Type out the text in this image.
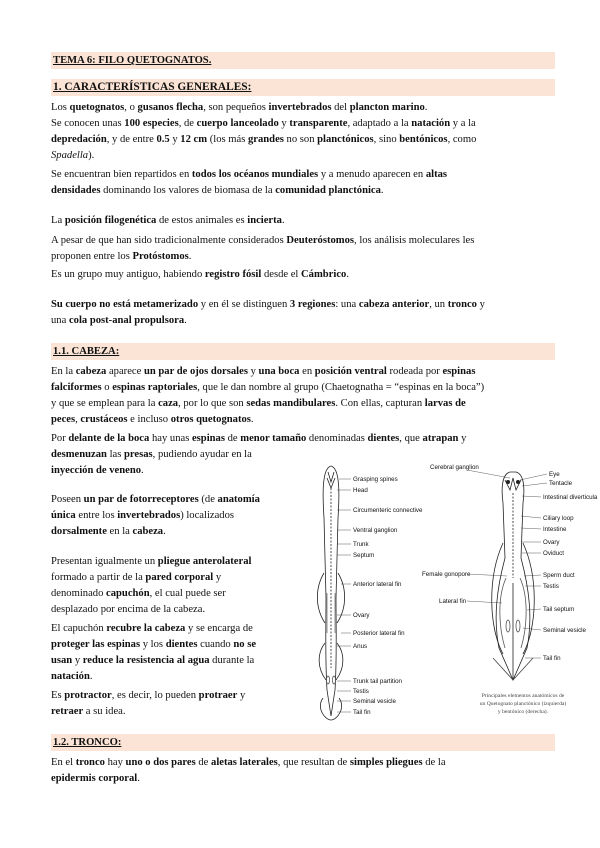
TEMA 6: FILO QUETOGNATOS.
1. CARACTERÍSTICAS GENERALES:

Los quetognatos, o gusanos flecha, son pequeños invertebrados del plancton marino.

Se conocen unas 100 especies, de cuerpo lanceolado y transparente, adaptado a la natación y a la

depredación, y de entre 0.5 y 12 cm (los más grandes no son planctónicos, sino bentónicos, como

Spadella).

Se encuentran bien repartidos en todos los océanos mundiales y a menudo aparecen en altas

densidades dominando los valores de biomasa de la comunidad planctónica.

La posición filogenética de estos animales es incierta.

A pesar de que han sido tradicionalmente considerados Deuteróstomos, los análisis moleculares les

proponen entre los Protóstomos.

Es un grupo muy antiguo, habiendo registro fósil desde el Cámbrico.

Su cuerpo no está metamerizado y en él se distinguen 3 regiones: una cabeza anterior, un tronco y

una cola post-anal propulsora.

1.1. CABEZA:

En la cabeza aparece un par de ojos dorsales y una boca en posición ventral rodeada por espinas

falciformes o espinas raptoriales, que le dan nombre al grupo (Chaetognatha = “espinas en la boca”)

y que se emplean para la caza, por lo que son sedas mandibulares. Con ellas, capturan larvas de

peces, crustáceos e incluso otros quetognatos.

Por delante de la boca hay unas espinas de menor tamaño denominadas dientes, que atrapan y

desmenuzan las presas, pudiendo ayudar en la

inyección de veneno.

Poseen un par de fotorreceptores (de anatomía

única entre los invertebrados) localizados

dorsalmente en la cabeza.

Presentan igualmente un pliegue anterolateral

formado a partir de la pared corporal y

denominado capuchón, el cual puede ser

desplazado por encima de la cabeza.

El capuchón recubre la cabeza y se encarga de

proteger las espinas y los dientes cuando no se

usan y reduce la resistencia al agua durante la

natación.

Es protractor, es decir, lo pueden protraer y

retraer a su idea.

1.2. TRONCO:

En el tronco hay uno o dos pares de aletas laterales, que resultan de simples pliegues de la

epidermis corporal.

Grasping spines
Head
Circumenteric connective
Ventral ganglion
Trunk
Septum
Anterior lateral fin
Ovary
Posterior lateral fin
Anus
Trunk tail partition
Testis
Seminal vesicle
Tail fin
Cerebral ganglion
Eye
Tentacle
Intestinal diverticula
Ciliary loop
Intestine
Ovary
Oviduct
Female gonopore	Sperm duct
Testis
Lateral fin
Tail septum
Seminal vesicle
Tail fin
Principales elementos anatómicos de
un Quetognato planctónico (izquierda)
y bentónico (derecha).
